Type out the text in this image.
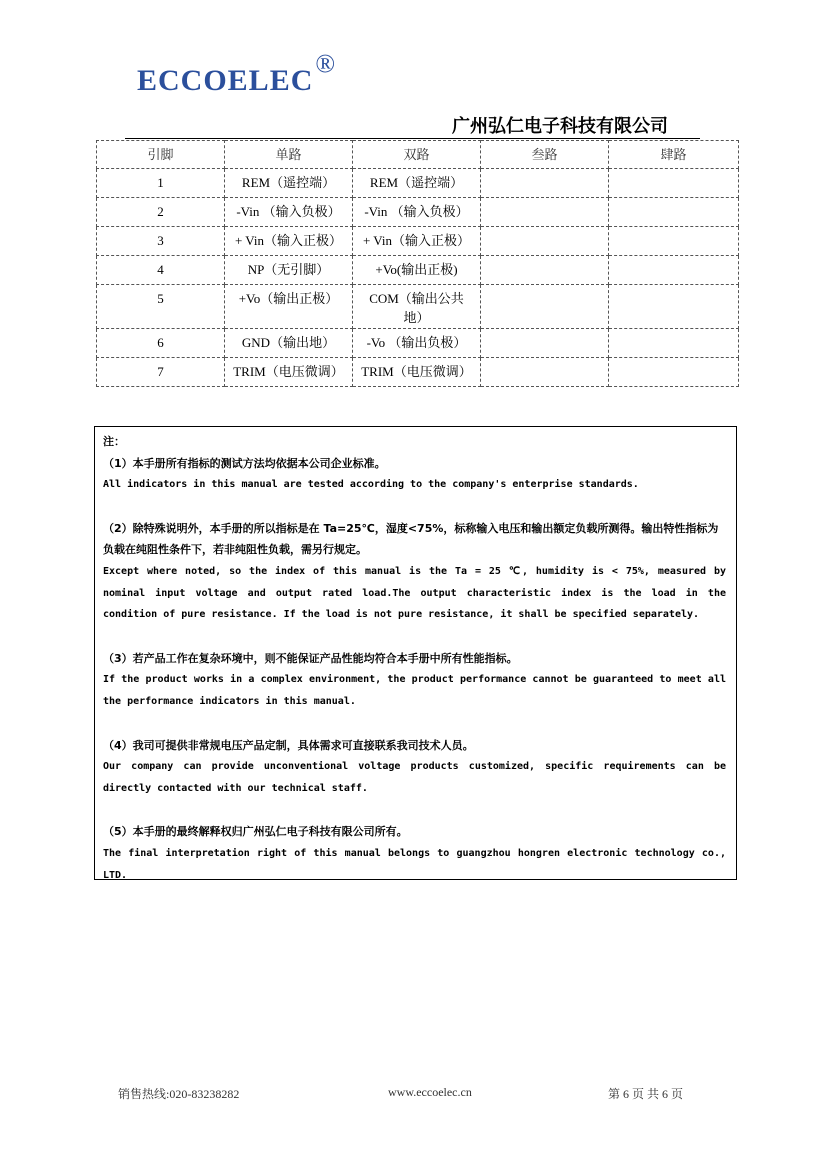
ECCOELEC®
广州弘仁电子科技有限公司
引脚	单路	双路	叁路	肆路
1	REM（遥控端）	REM（遥控端）		
2	-Vin （输入负极）	-Vin （输入负极）		
3	+ Vin（输入正极）	+ Vin（输入正极）		
4	NP（无引脚）	+Vo(输出正极)		
5	+Vo（输出正极）	COM（输出公共地）		
6	GND（输出地）	-Vo （输出负极）		
7	TRIM（电压微调）	TRIM（电压微调）		

注：

（1）本手册所有指标的测试方法均依据本公司企业标准。

All indicators in this manual are tested according to the company's enterprise standards.

（2）除特殊说明外，本手册的所以指标是在 Ta=25℃，湿度<75%，标称输入电压和输出额定负载所测得。输出特性指标为负载在纯阻性条件下，若非纯阻性负载，需另行规定。

Except where noted, so the index of this manual is the Ta = 25 ℃, humidity is < 75%, measured by nominal input voltage and output rated load.The output characteristic index is the load in the condition of pure resistance. If the load is not pure resistance, it shall be specified separately.

（3）若产品工作在复杂环境中，则不能保证产品性能均符合本手册中所有性能指标。

If the product works in a complex environment, the product performance cannot be guaranteed to meet all the performance indicators in this manual.

（4）我司可提供非常规电压产品定制，具体需求可直接联系我司技术人员。

Our company can provide unconventional voltage products customized, specific requirements can be directly contacted with our technical staff.

（5）本手册的最终解释权归广州弘仁电子科技有限公司所有。

The final interpretation right of this manual belongs to guangzhou hongren electronic technology co., LTD.

销售热线:020-83238282	www.eccoelec.cn	第 6 页 共 6 页
